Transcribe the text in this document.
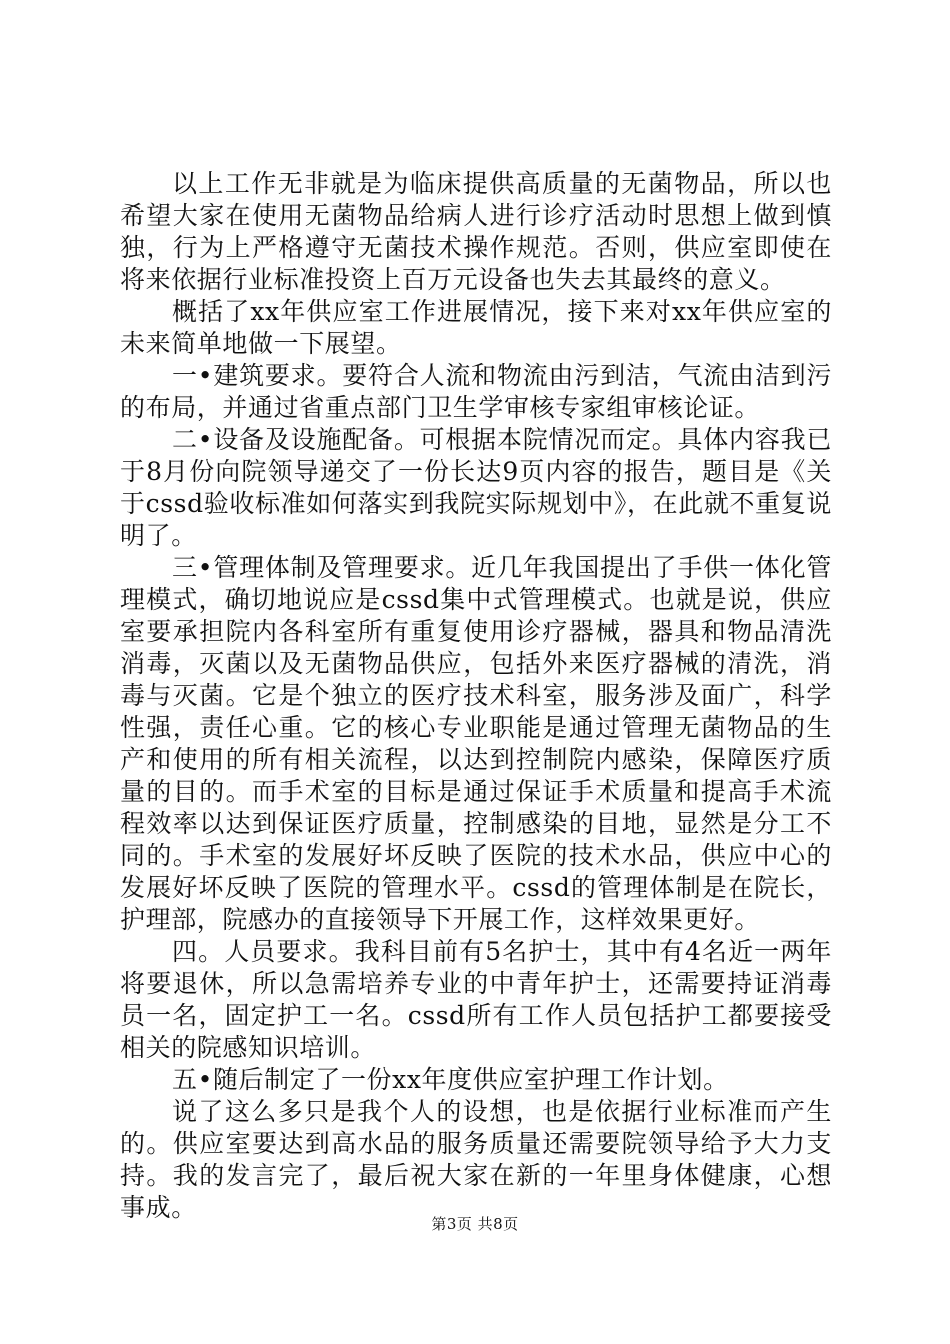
以上工作无非就是为临床提供高质量的无菌物品，所以也希望大家在使用无菌物品给病人进行诊疗活动时思想上做到慎独，行为上严格遵守无菌技术操作规范。否则，供应室即使在将来依据行业标准投资上百万元设备也失去其最终的意义。

概括了xx年供应室工作进展情况，接下来对xx年供应室的未来简单地做一下展望。

一•建筑要求。要符合人流和物流由污到洁，气流由洁到污的布局，并通过省重点部门卫生学审核专家组审核论证。

二•设备及设施配备。可根据本院情况而定。具体内容我已于8月份向院领导递交了一份长达9页内容的报告，题目是《关于cssd验收标准如何落实到我院实际规划中》，在此就不重复说明了。

三•管理体制及管理要求。近几年我国提出了手供一体化管理模式，确切地说应是cssd集中式管理模式。也就是说，供应室要承担院内各科室所有重复使用诊疗器械，器具和物品清洗消毒，灭菌以及无菌物品供应，包括外来医疗器械的清洗，消毒与灭菌。它是个独立的医疗技术科室，服务涉及面广，科学性强，责任心重。它的核心专业职能是通过管理无菌物品的生产和使用的所有相关流程，以达到控制院内感染，保障医疗质量的目的。而手术室的目标是通过保证手术质量和提高手术流程效率以达到保证医疗质量，控制感染的目地，显然是分工不同的。手术室的发展好坏反映了医院的技术水品，供应中心的发展好坏反映了医院的管理水平。cssd的管理体制是在院长，护理部，院感办的直接领导下开展工作，这样效果更好。

四。人员要求。我科目前有5名护士，其中有4名近一两年将要退休，所以急需培养专业的中青年护士，还需要持证消毒员一名，固定护工一名。cssd所有工作人员包括护工都要接受相关的院感知识培训。

五•随后制定了一份xx年度供应室护理工作计划。

说了这么多只是我个人的设想，也是依据行业标准而产生的。供应室要达到高水品的服务质量还需要院领导给予大力支持。我的发言完了，最后祝大家在新的一年里身体健康，心想事成。

第3页 共8页
